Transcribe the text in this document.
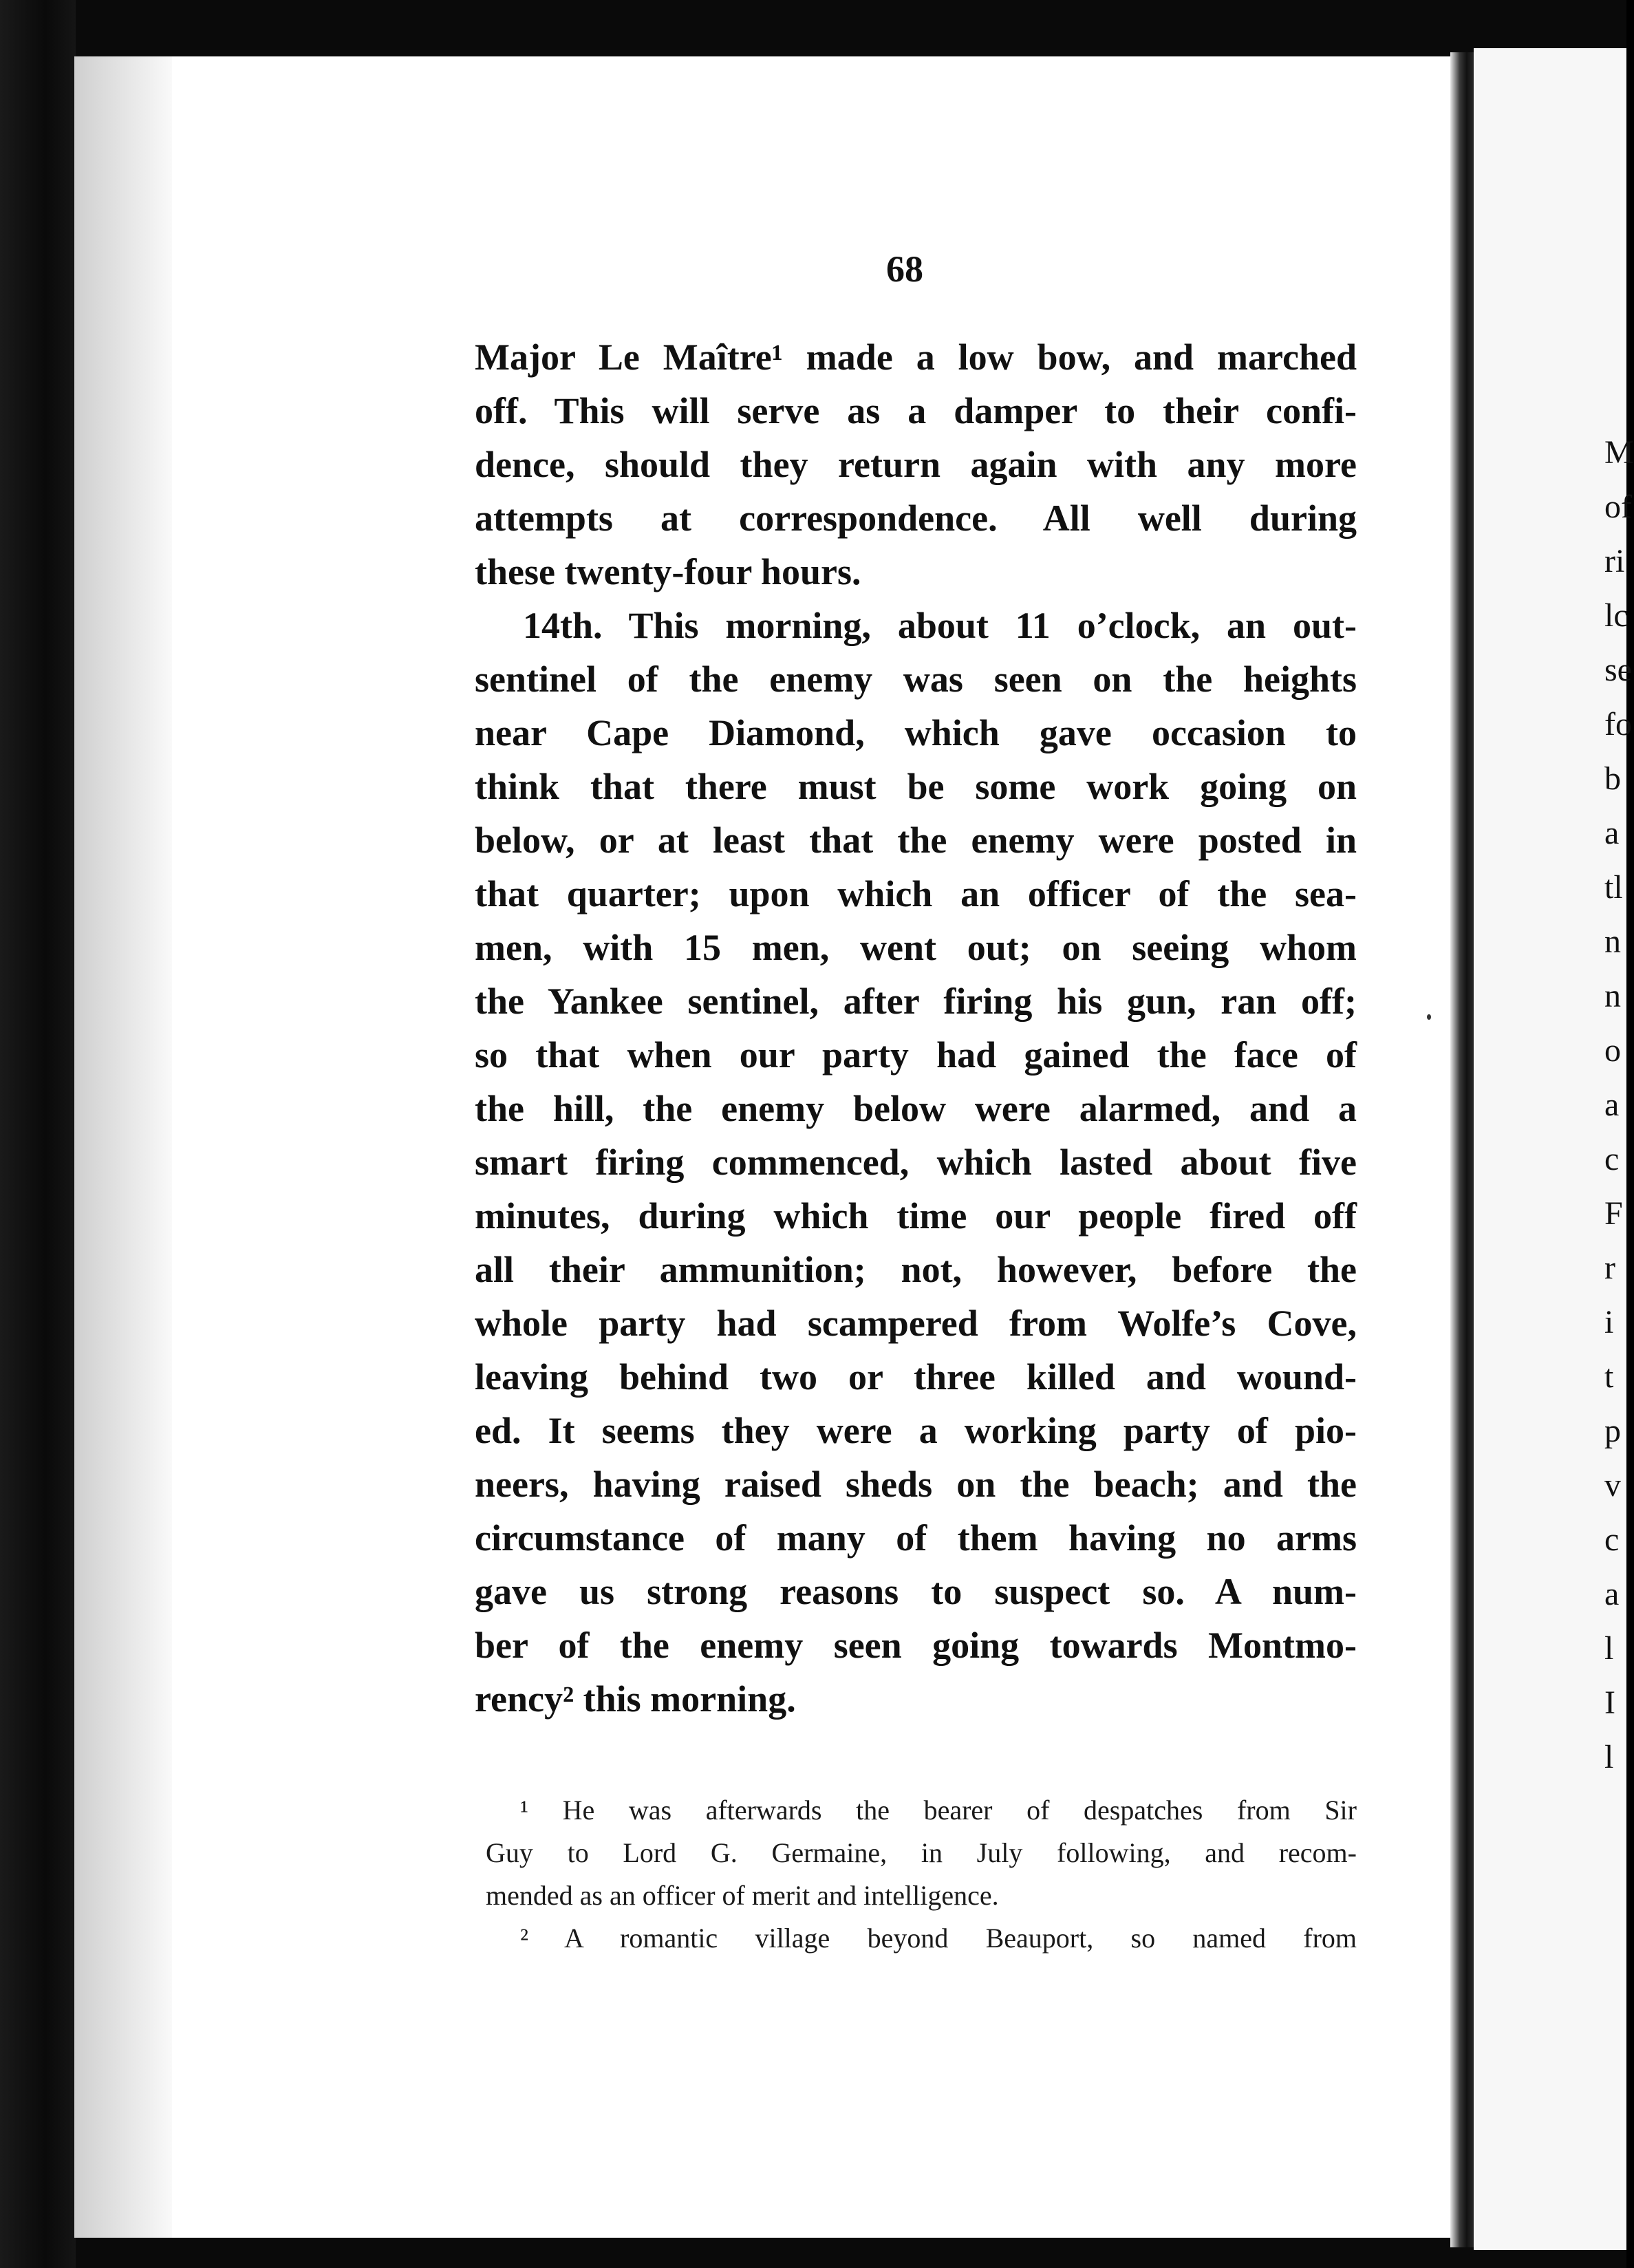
68
Major Le Maître¹ made a low bow, and marched
off. This will serve as a damper to their confi-
dence, should they return again with any more
attempts at correspondence. All well during
these twenty-four hours.
14th. This morning, about 11 o’clock, an out-
sentinel of the enemy was seen on the heights
near Cape Diamond, which gave occasion to
think that there must be some work going on
below, or at least that the enemy were posted in
that quarter; upon which an officer of the sea-
men, with 15 men, went out; on seeing whom
the Yankee sentinel, after firing his gun, ran off;
so that when our party had gained the face of
the hill, the enemy below were alarmed, and a
smart firing commenced, which lasted about five
minutes, during which time our people fired off
all their ammunition; not, however, before the
whole party had scampered from Wolfe’s Cove,
leaving behind two or three killed and wound-
ed. It seems they were a working party of pio-
neers, having raised sheds on the beach; and the
circumstance of many of them having no arms
gave us strong reasons to suspect so. A num-
ber of the enemy seen going towards Montmo-
rency² this morning.
¹ He was afterwards the bearer of despatches from Sir
Guy to Lord G. Germaine, in July following, and recom-
mended as an officer of merit and intelligence.
² A romantic village beyond Beauport, so named from
M
of
ri
lc
se
fo
b
a
tl
n
n
o
a
c
F
r
i
t
p
v
c
a
l
I
l
